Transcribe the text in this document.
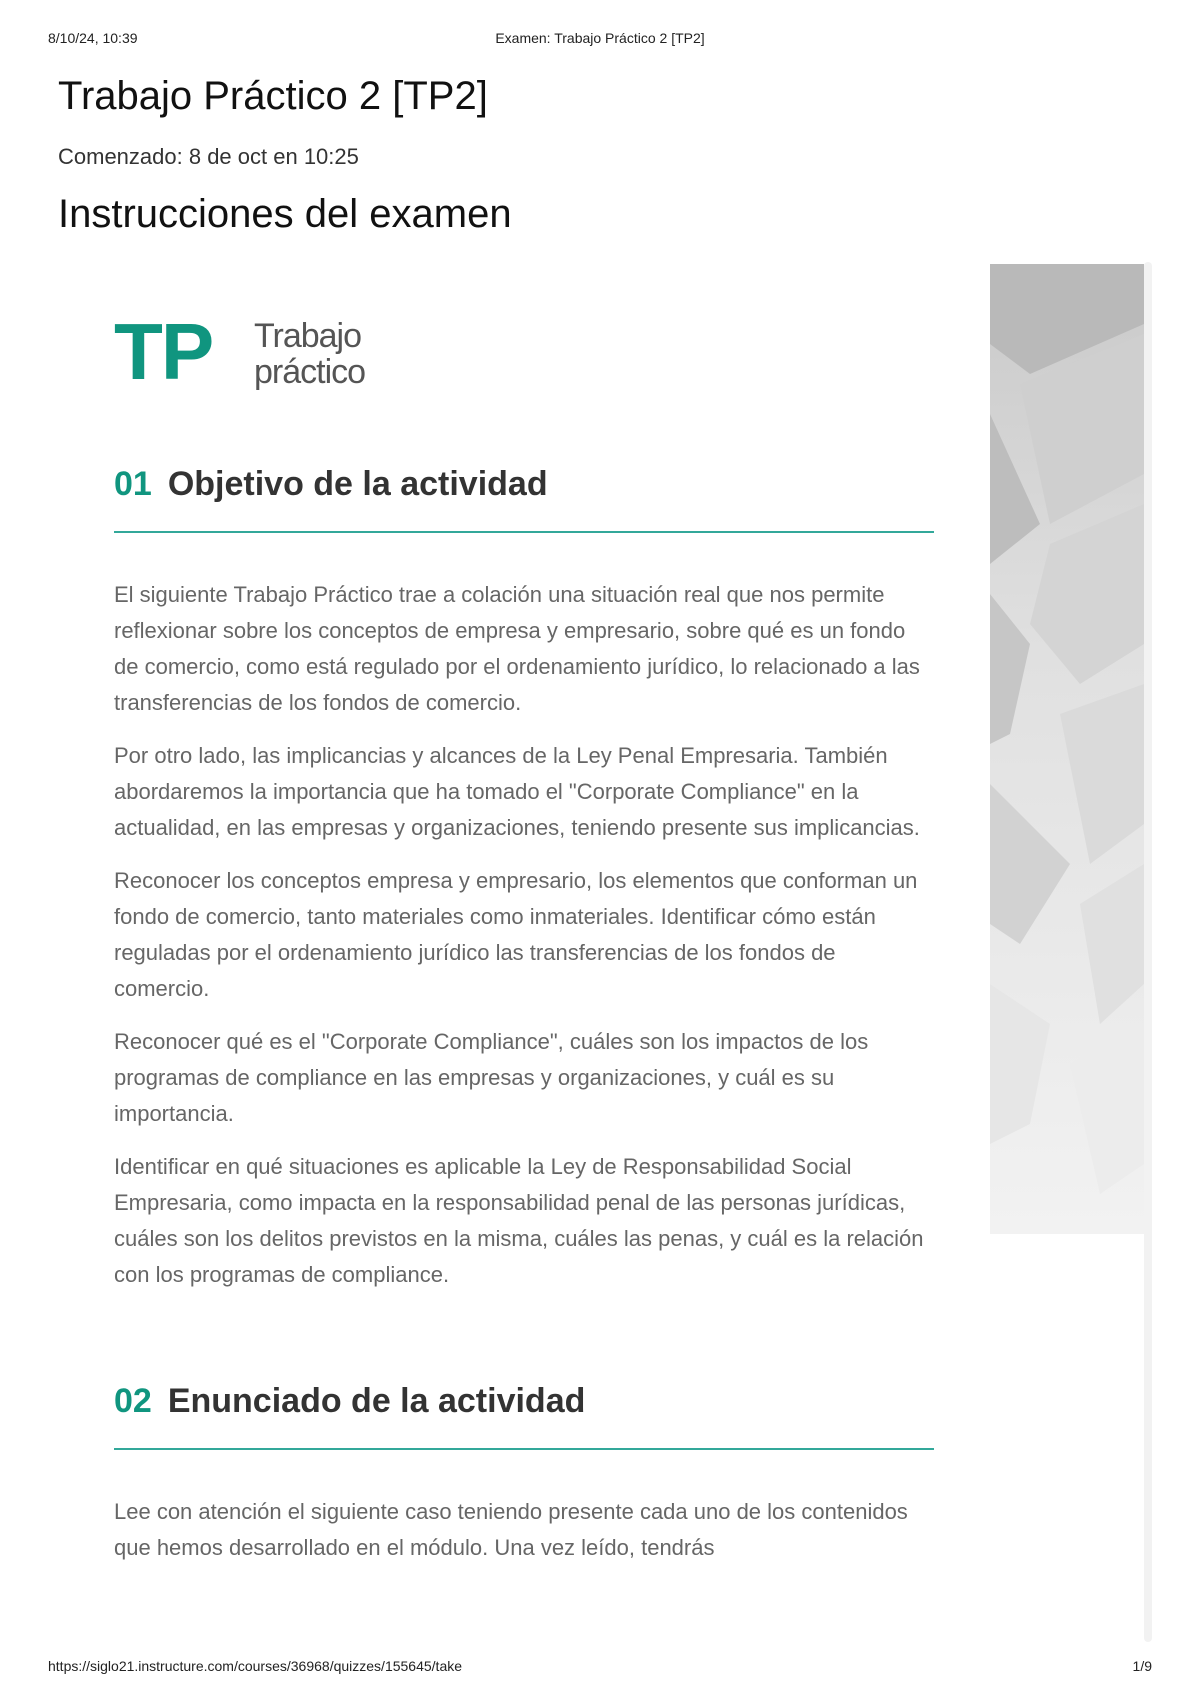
8/10/24, 10:39	Examen: Trabajo Práctico 2 [TP2]
Trabajo Práctico 2 [TP2]
Comenzado: 8 de oct en 10:25
Instrucciones del examen
TP Trabajo
práctico
01 Objetivo de la actividad

El siguiente Trabajo Práctico trae a colación una situación real que nos permite reflexionar sobre los conceptos de empresa y empresario, sobre qué es un fondo de comercio, como está regulado por el ordenamiento jurídico, lo relacionado a las transferencias de los fondos de comercio.

Por otro lado, las implicancias y alcances de la Ley Penal Empresaria. También abordaremos la importancia que ha tomado el "Corporate Compliance" en la actualidad, en las empresas y organizaciones, teniendo presente sus implicancias.

Reconocer los conceptos empresa y empresario, los elementos que conforman un fondo de comercio, tanto materiales como inmateriales. Identificar cómo están reguladas por el ordenamiento jurídico las transferencias de los fondos de comercio.

Reconocer qué es el "Corporate Compliance", cuáles son los impactos de los programas de compliance en las empresas y organizaciones, y cuál es su importancia.

Identificar en qué situaciones es aplicable la Ley de Responsabilidad Social Empresaria, como impacta en la responsabilidad penal de las personas jurídicas, cuáles son los delitos previstos en la misma, cuáles las penas, y cuál es la relación con los programas de compliance.

02 Enunciado de la actividad

Lee con atención el siguiente caso teniendo presente cada uno de los contenidos que hemos desarrollado en el módulo. Una vez leído, tendrás

https://siglo21.instructure.com/courses/36968/quizzes/155645/take	1/9
